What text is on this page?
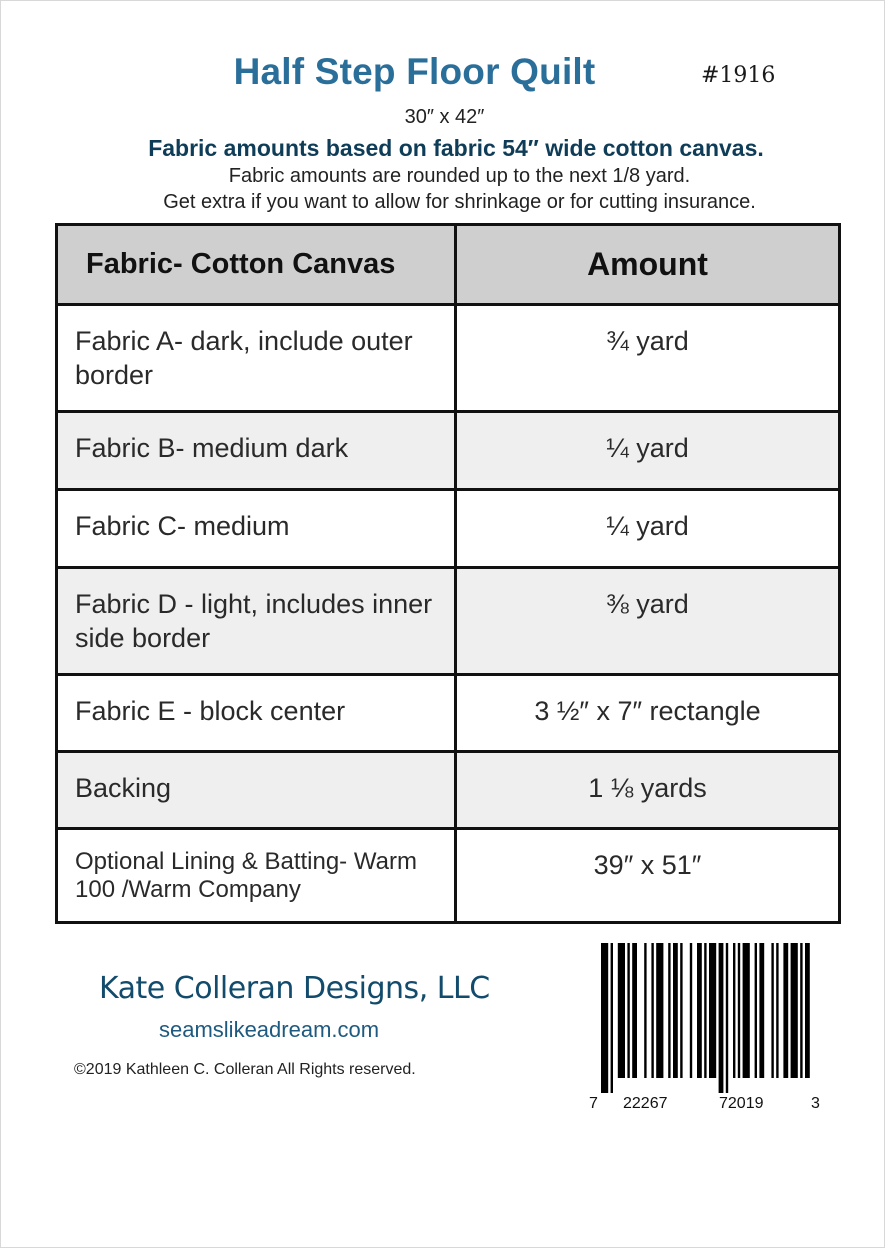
Half Step Floor Quilt	#1916
30″ x 42″
Fabric amounts based on fabric 54″ wide cotton canvas.
Fabric amounts are rounded up to the next 1/8 yard.
Get extra if you want to allow for shrinkage or for cutting insurance.
Fabric- Cotton Canvas	Amount
Fabric A- dark, include outer border	¾ yard
Fabric B- medium dark	¼ yard
Fabric C- medium	¼ yard
Fabric D - light, includes inner side border	⅜ yard
Fabric E - block center	3 ½″ x 7″ rectangle
Backing	1 ⅛ yards
Optional Lining & Batting- Warm 100 /Warm Company	39″ x 51″
Kate Colleran Designs, LLC
seamslikeadream.com
©2019 Kathleen C. Colleran All Rights reserved.
7 22267	72019	3
